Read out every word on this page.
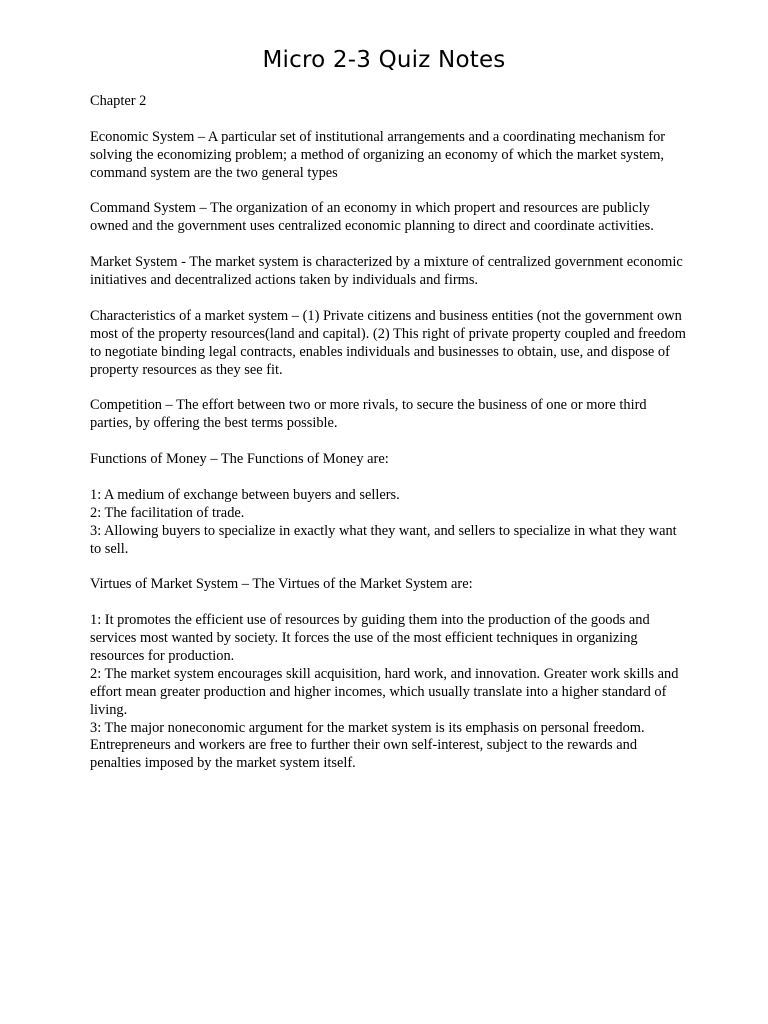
Micro 2-3 Quiz Notes

Chapter 2

Economic System – A particular set of institutional arrangements and a coordinating mechanism for solving the economizing problem; a method of organizing an economy of which the market system, command system are the two general types

Command System – The organization of an economy in which propert and resources are publicly owned and the government uses centralized economic planning to direct and coordinate activities.

Market System - The market system is characterized by a mixture of centralized government economic initiatives and decentralized actions taken by individuals and firms.

Characteristics of a market system – (1) Private citizens and business entities (not the government own most of the property resources(land and capital). (2) This right of private property coupled and freedom to negotiate binding legal contracts, enables individuals and businesses to obtain, use, and dispose of property resources as they see fit.

Competition – The effort between two or more rivals, to secure the business of one or more third parties, by offering the best terms possible.

Functions of Money – The Functions of Money are:

1: A medium of exchange between buyers and sellers.

2: The facilitation of trade.

3: Allowing buyers to specialize in exactly what they want, and sellers to specialize in what they want to sell.

Virtues of Market System – The Virtues of the Market System are:

1: It promotes the efficient use of resources by guiding them into the production of the goods and services most wanted by society. It forces the use of the most efficient techniques in organizing resources for production.

2: The market system encourages skill acquisition, hard work, and innovation. Greater work skills and effort mean greater production and higher incomes, which usually translate into a higher standard of living.

3: The major noneconomic argument for the market system is its emphasis on personal freedom. Entrepreneurs and workers are free to further their own self-interest, subject to the rewards and penalties imposed by the market system itself.
